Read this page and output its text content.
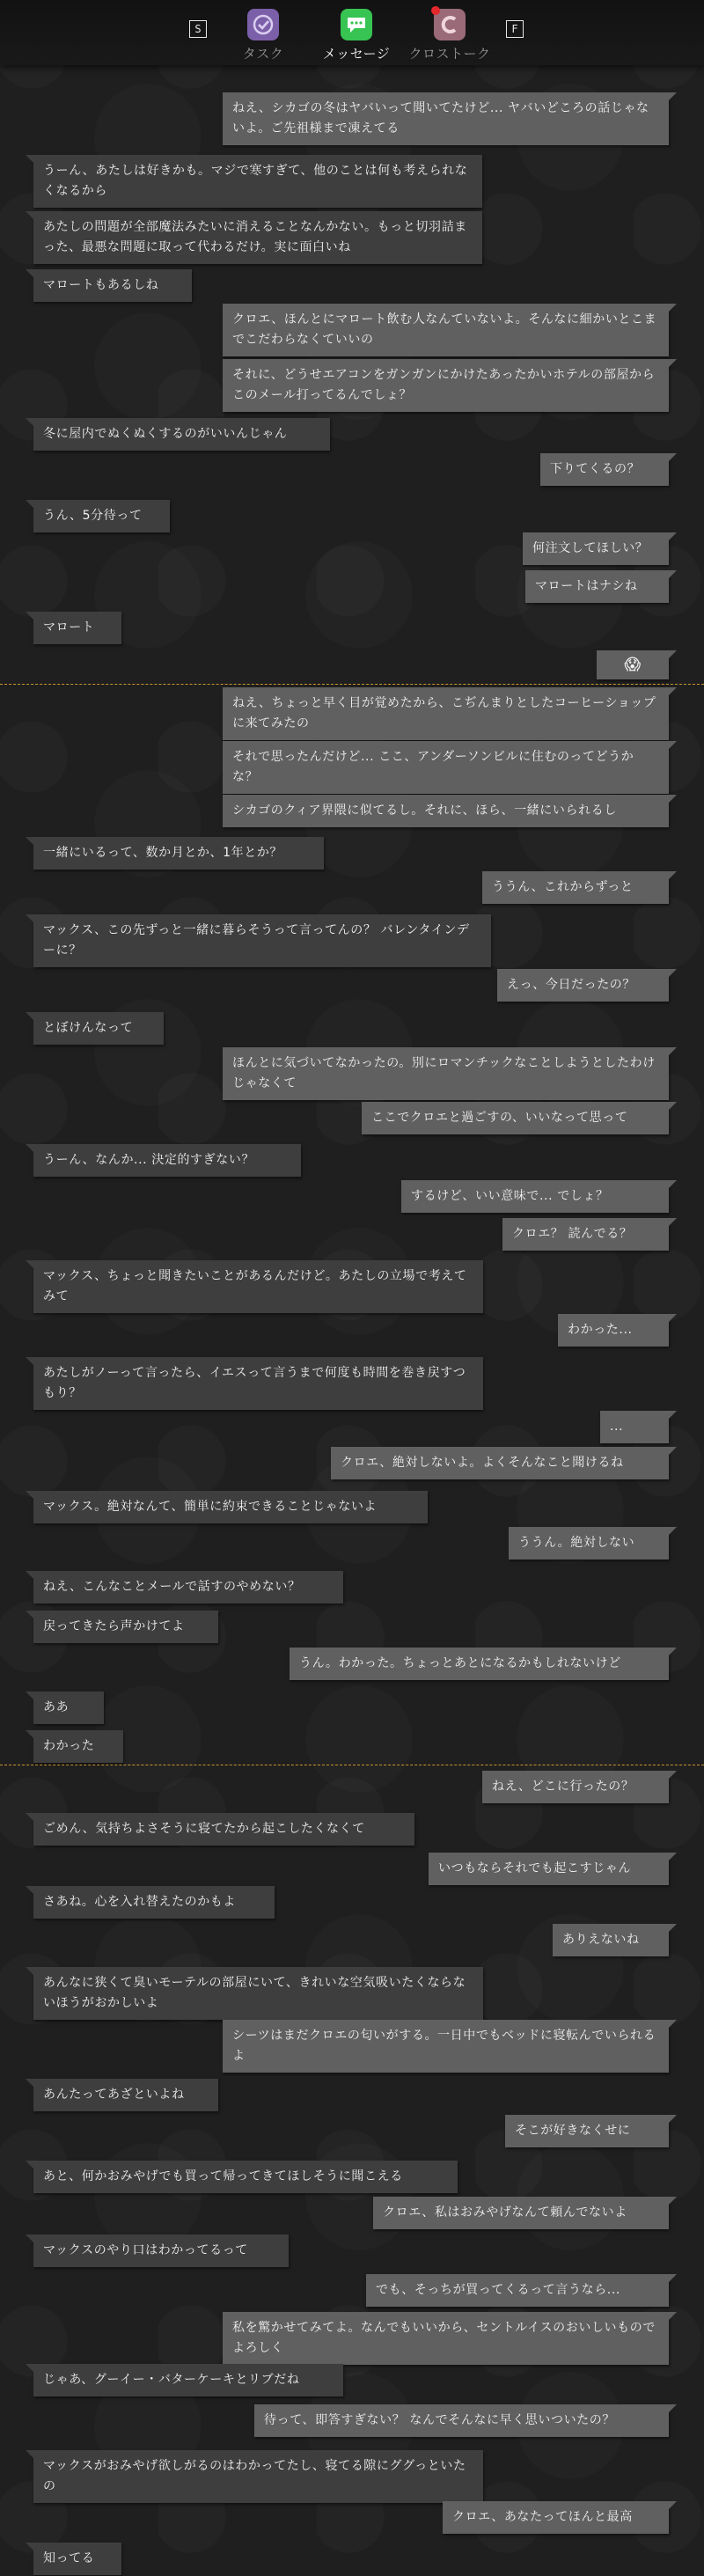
S
タスク	メッセージ	クロストーク
F
ねえ、シカゴの冬はヤバいって聞いてたけど... ヤバいどころの話じゃないよ。ご先祖様まで凍えてる
うーん、あたしは好きかも。マジで寒すぎて、他のことは何も考えられなくなるから
あたしの問題が全部魔法みたいに消えることなんかない。もっと切羽詰まった、最悪な問題に取って代わるだけ。実に面白いね
マロートもあるしね
クロエ、ほんとにマロート飲む人なんていないよ。そんなに細かいとこまでこだわらなくていいの
それに、どうせエアコンをガンガンにかけたあったかいホテルの部屋からこのメール打ってるんでしょ？
冬に屋内でぬくぬくするのがいいんじゃん
下りてくるの？
うん、5分待って
何注文してほしい？
マロートはナシね
マロート
😱
ねえ、ちょっと早く目が覚めたから、こぢんまりとしたコーヒーショップに来てみたの
それで思ったんだけど... ここ、アンダーソンビルに住むのってどうかな？
シカゴのクィア界隈に似てるし。それに、ほら、一緒にいられるし
一緒にいるって、数か月とか、1年とか？
ううん、これからずっと
マックス、この先ずっと一緒に暮らそうって言ってんの？ バレンタインデーに？
えっ、今日だったの？
とぼけんなって
ほんとに気づいてなかったの。別にロマンチックなことしようとしたわけじゃなくて
ここでクロエと過ごすの、いいなって思って
うーん、なんか... 決定的すぎない？
するけど、いい意味で... でしょ？
クロエ？ 読んでる？
マックス、ちょっと聞きたいことがあるんだけど。あたしの立場で考えてみて
わかった...
あたしがノーって言ったら、イエスって言うまで何度も時間を巻き戻すつもり？
...
クロエ、絶対しないよ。よくそんなこと聞けるね
マックス。絶対なんて、簡単に約束できることじゃないよ
ううん。絶対しない
ねえ、こんなことメールで話すのやめない？
戻ってきたら声かけてよ
うん。わかった。ちょっとあとになるかもしれないけど
ああ
わかった
ねえ、どこに行ったの？
ごめん、気持ちよさそうに寝てたから起こしたくなくて
いつもならそれでも起こすじゃん
さあね。心を入れ替えたのかもよ
ありえないね
あんなに狭くて臭いモーテルの部屋にいて、きれいな空気吸いたくならないほうがおかしいよ
シーツはまだクロエの匂いがする。一日中でもベッドに寝転んでいられるよ
あんたってあざといよね
そこが好きなくせに
あと、何かおみやげでも買って帰ってきてほしそうに聞こえる
クロエ、私はおみやげなんて頼んでないよ
マックスのやり口はわかってるって
でも、そっちが買ってくるって言うなら...
私を驚かせてみてよ。なんでもいいから、セントルイスのおいしいものでよろしく
じゃあ、グーイー・バターケーキとリブだね
待って、即答すぎない？ なんでそんなに早く思いついたの？
マックスがおみやげ欲しがるのはわかってたし、寝てる隙にググっといたの
クロエ、あなたってほんと最高
知ってる
